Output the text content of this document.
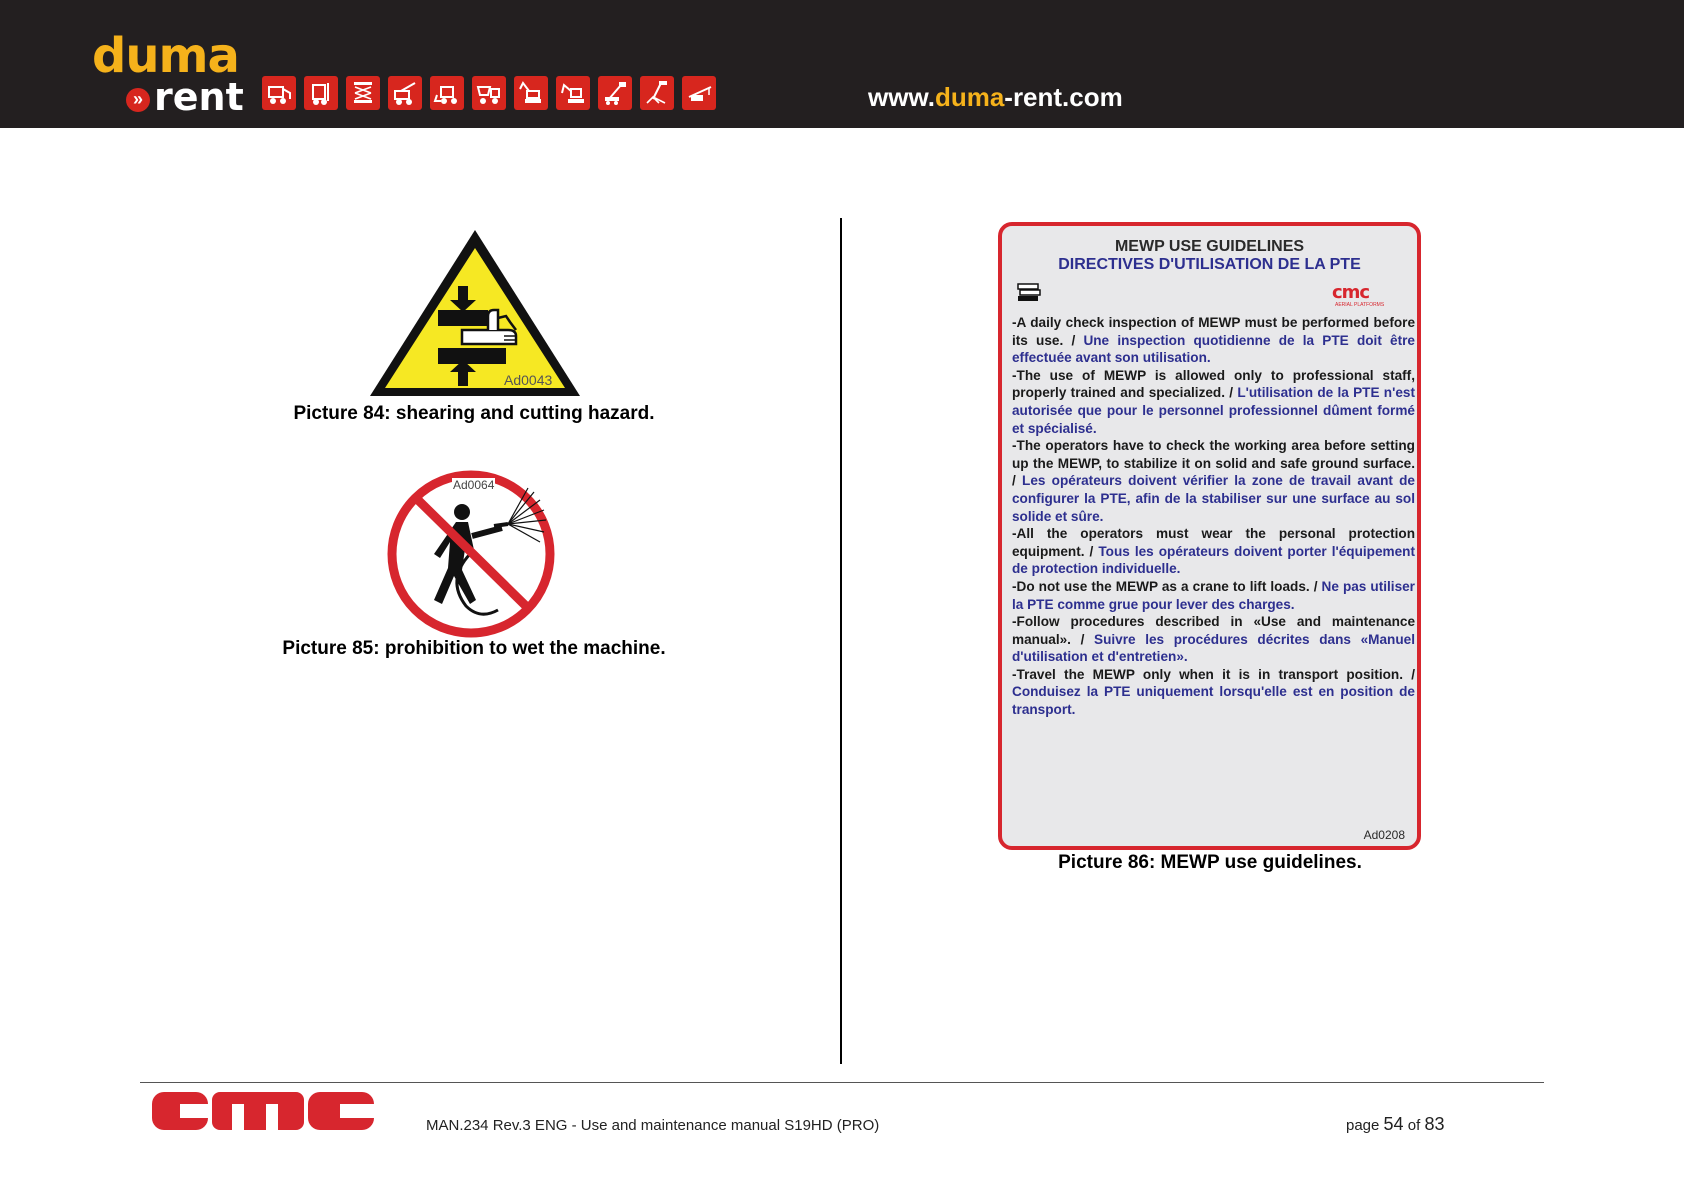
duma
» rent	www.duma-rent.com
Ad0043
Picture 84: shearing and cutting hazard.
Ad0064
Picture 85: prohibition to wet the machine.
MEWP USE GUIDELINES
DIRECTIVES D'UTILISATION DE LA PTE
cmc
AERIAL PLATFORMS
-A daily check inspection of MEWP must be performed before its use. / Une inspection quotidienne de la PTE doit être effectuée avant son utilisation.
-The use of MEWP is allowed only to professional staff, properly trained and specialized. / L'utilisation de la PTE n'est autorisée que pour le personnel professionnel dûment formé et spécialisé.
-The operators have to check the working area before setting up the MEWP, to stabilize it on solid and safe ground surface. / Les opérateurs doivent vérifier la zone de travail avant de configurer la PTE, afin de la stabiliser sur une surface au sol solide et sûre.
-All the operators must wear the personal protection equipment. / Tous les opérateurs doivent porter l'équipement de protection individuelle.
-Do not use the MEWP as a crane to lift loads. / Ne pas utiliser la PTE comme grue pour lever des charges.
-Follow procedures described in «Use and maintenance manual». / Suivre les procédures décrites dans «Manuel d'utilisation et d'entretien».
-Travel the MEWP only when it is in transport position. / Conduisez la PTE uniquement lorsqu'elle est en position de transport.
Ad0208
Picture 86: MEWP use guidelines.
MAN.234 Rev.3 ENG - Use and maintenance manual S19HD (PRO)	page 54 of 83
